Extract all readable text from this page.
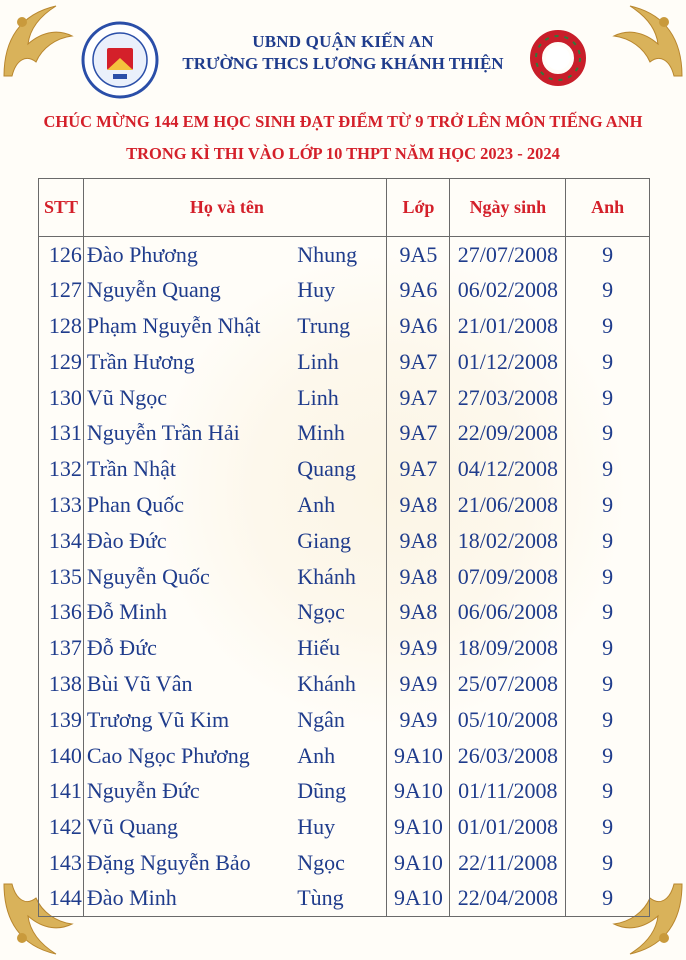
UBND QUẬN KIẾN AN
TRƯỜNG THCS LƯƠNG KHÁNH THIỆN
CHÚC MỪNG 144 EM HỌC SINH ĐẠT ĐIỂM TỪ 9 TRỞ LÊN MÔN TIẾNG ANH
TRONG KÌ THI VÀO LỚP 10 THPT NĂM HỌC 2023 - 2024
STT	Họ và tên		Lớp	Ngày sinh	Anh
126	Đào Phương	Nhung	9A5	27/07/2008	9
127	Nguyễn Quang	Huy	9A6	06/02/2008	9
128	Phạm Nguyễn Nhật	Trung	9A6	21/01/2008	9
129	Trần Hương	Linh	9A7	01/12/2008	9
130	Vũ Ngọc	Linh	9A7	27/03/2008	9
131	Nguyễn Trần Hải	Minh	9A7	22/09/2008	9
132	Trần Nhật	Quang	9A7	04/12/2008	9
133	Phan Quốc	Anh	9A8	21/06/2008	9
134	Đào Đức	Giang	9A8	18/02/2008	9
135	Nguyễn Quốc	Khánh	9A8	07/09/2008	9
136	Đỗ Minh	Ngọc	9A8	06/06/2008	9
137	Đỗ Đức	Hiếu	9A9	18/09/2008	9
138	Bùi Vũ Vân	Khánh	9A9	25/07/2008	9
139	Trương Vũ Kim	Ngân	9A9	05/10/2008	9
140	Cao Ngọc Phương	Anh	9A10	26/03/2008	9
141	Nguyễn Đức	Dũng	9A10	01/11/2008	9
142	Vũ Quang	Huy	9A10	01/01/2008	9
143	Đặng Nguyễn Bảo	Ngọc	9A10	22/11/2008	9
144	Đào Minh	Tùng	9A10	22/04/2008	9
